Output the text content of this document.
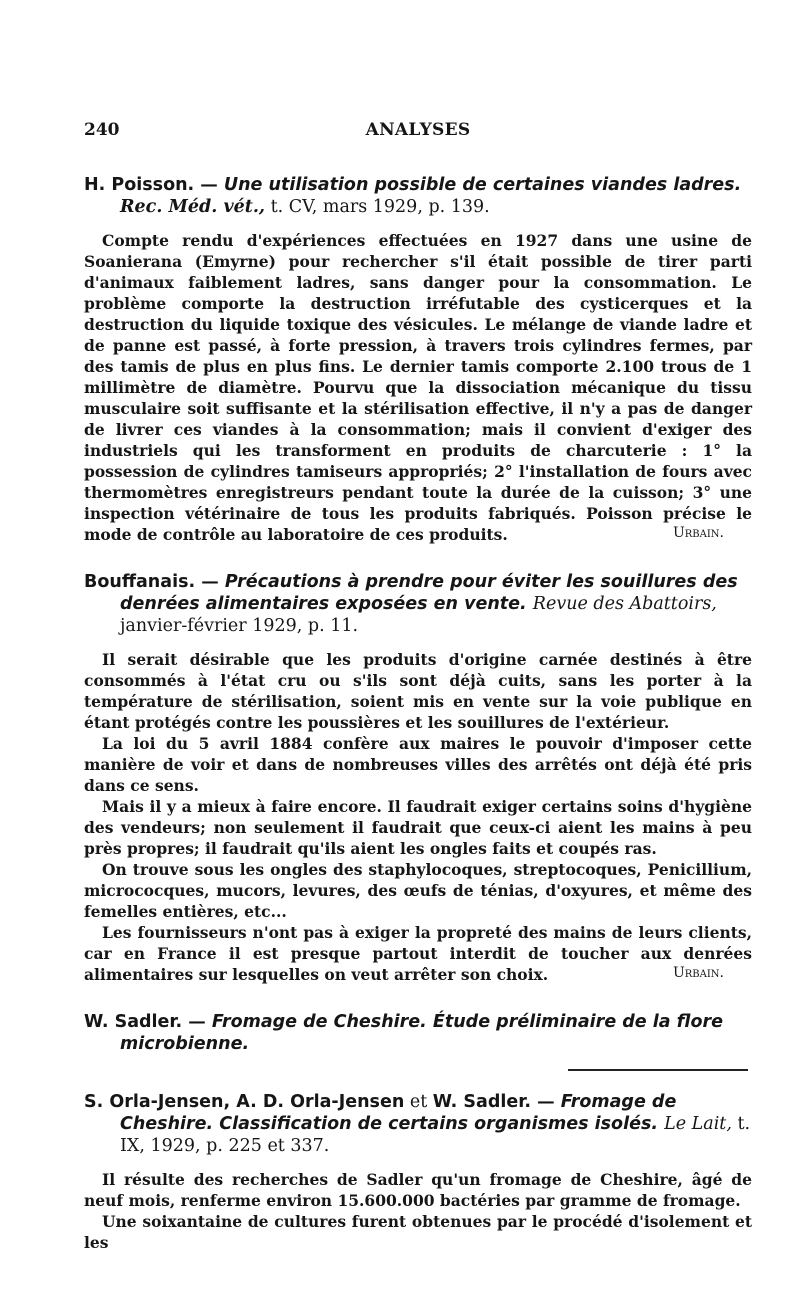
240	ANALYSES
H. Poisson. — Une utilisation possible de certaines viandes ladres.
Rec. Méd. vét., t. CV, mars 1929, p. 139.

Compte rendu d'expériences effectuées en 1927 dans une usine de Soanierana (Emyrne) pour rechercher s'il était possible de tirer parti d'animaux faiblement ladres, sans danger pour la consommation. Le problème comporte la destruction irréfutable des cysticerques et la destruction du liquide toxique des vésicules. Le mélange de viande ladre et de panne est passé, à forte pression, à travers trois cylindres fermes, par des tamis de plus en plus fins. Le dernier tamis comporte 2.100 trous de 1 millimètre de diamètre. Pourvu que la dissociation mécanique du tissu musculaire soit suffisante et la stérilisation effective, il n'y a pas de danger de livrer ces viandes à la consommation; mais il convient d'exiger des industriels qui les transforment en produits de charcuterie : 1° la possession de cylindres tamiseurs appropriés; 2° l'installation de fours avec thermomètres enregistreurs pendant toute la durée de la cuisson; 3° une inspection vétérinaire de tous les produits fabriqués. Poisson précise le mode de contrôle au laboratoire de ces produits.	Urbain.
Bouffanais. — Précautions à prendre pour éviter les souillures des denrées alimentaires exposées en vente. Revue des Abattoirs, janvier-février 1929, p. 11.

Il serait désirable que les produits d'origine carnée destinés à être consommés à l'état cru ou s'ils sont déjà cuits, sans les porter à la température de stérilisation, soient mis en vente sur la voie publique en étant protégés contre les poussières et les souillures de l'extérieur.

La loi du 5 avril 1884 confère aux maires le pouvoir d'imposer cette manière de voir et dans de nombreuses villes des arrêtés ont déjà été pris dans ce sens.

Mais il y a mieux à faire encore. Il faudrait exiger certains soins d'hygiène des vendeurs; non seulement il faudrait que ceux-ci aient les mains à peu près propres; il faudrait qu'ils aient les ongles faits et coupés ras.

On trouve sous les ongles des staphylocoques, streptocoques, Penicillium, micrococques, mucors, levures, des œufs de ténias, d'oxyures, et même des femelles entières, etc...

Les fournisseurs n'ont pas à exiger la propreté des mains de leurs clients, car en France il est presque partout interdit de toucher aux denrées alimentaires sur lesquelles on veut arrêter son choix.	Urbain.
W. Sadler. — Fromage de Cheshire. Étude préliminaire de la flore microbienne.
S. Orla-Jensen, A. D. Orla-Jensen et W. Sadler. — Fromage de Cheshire. Classification de certains organismes isolés. Le Lait, t. IX, 1929, p. 225 et 337.

Il résulte des recherches de Sadler qu'un fromage de Cheshire, âgé de neuf mois, renferme environ 15.600.000 bactéries par gramme de fromage.

Une soixantaine de cultures furent obtenues par le procédé d'isolement et les
